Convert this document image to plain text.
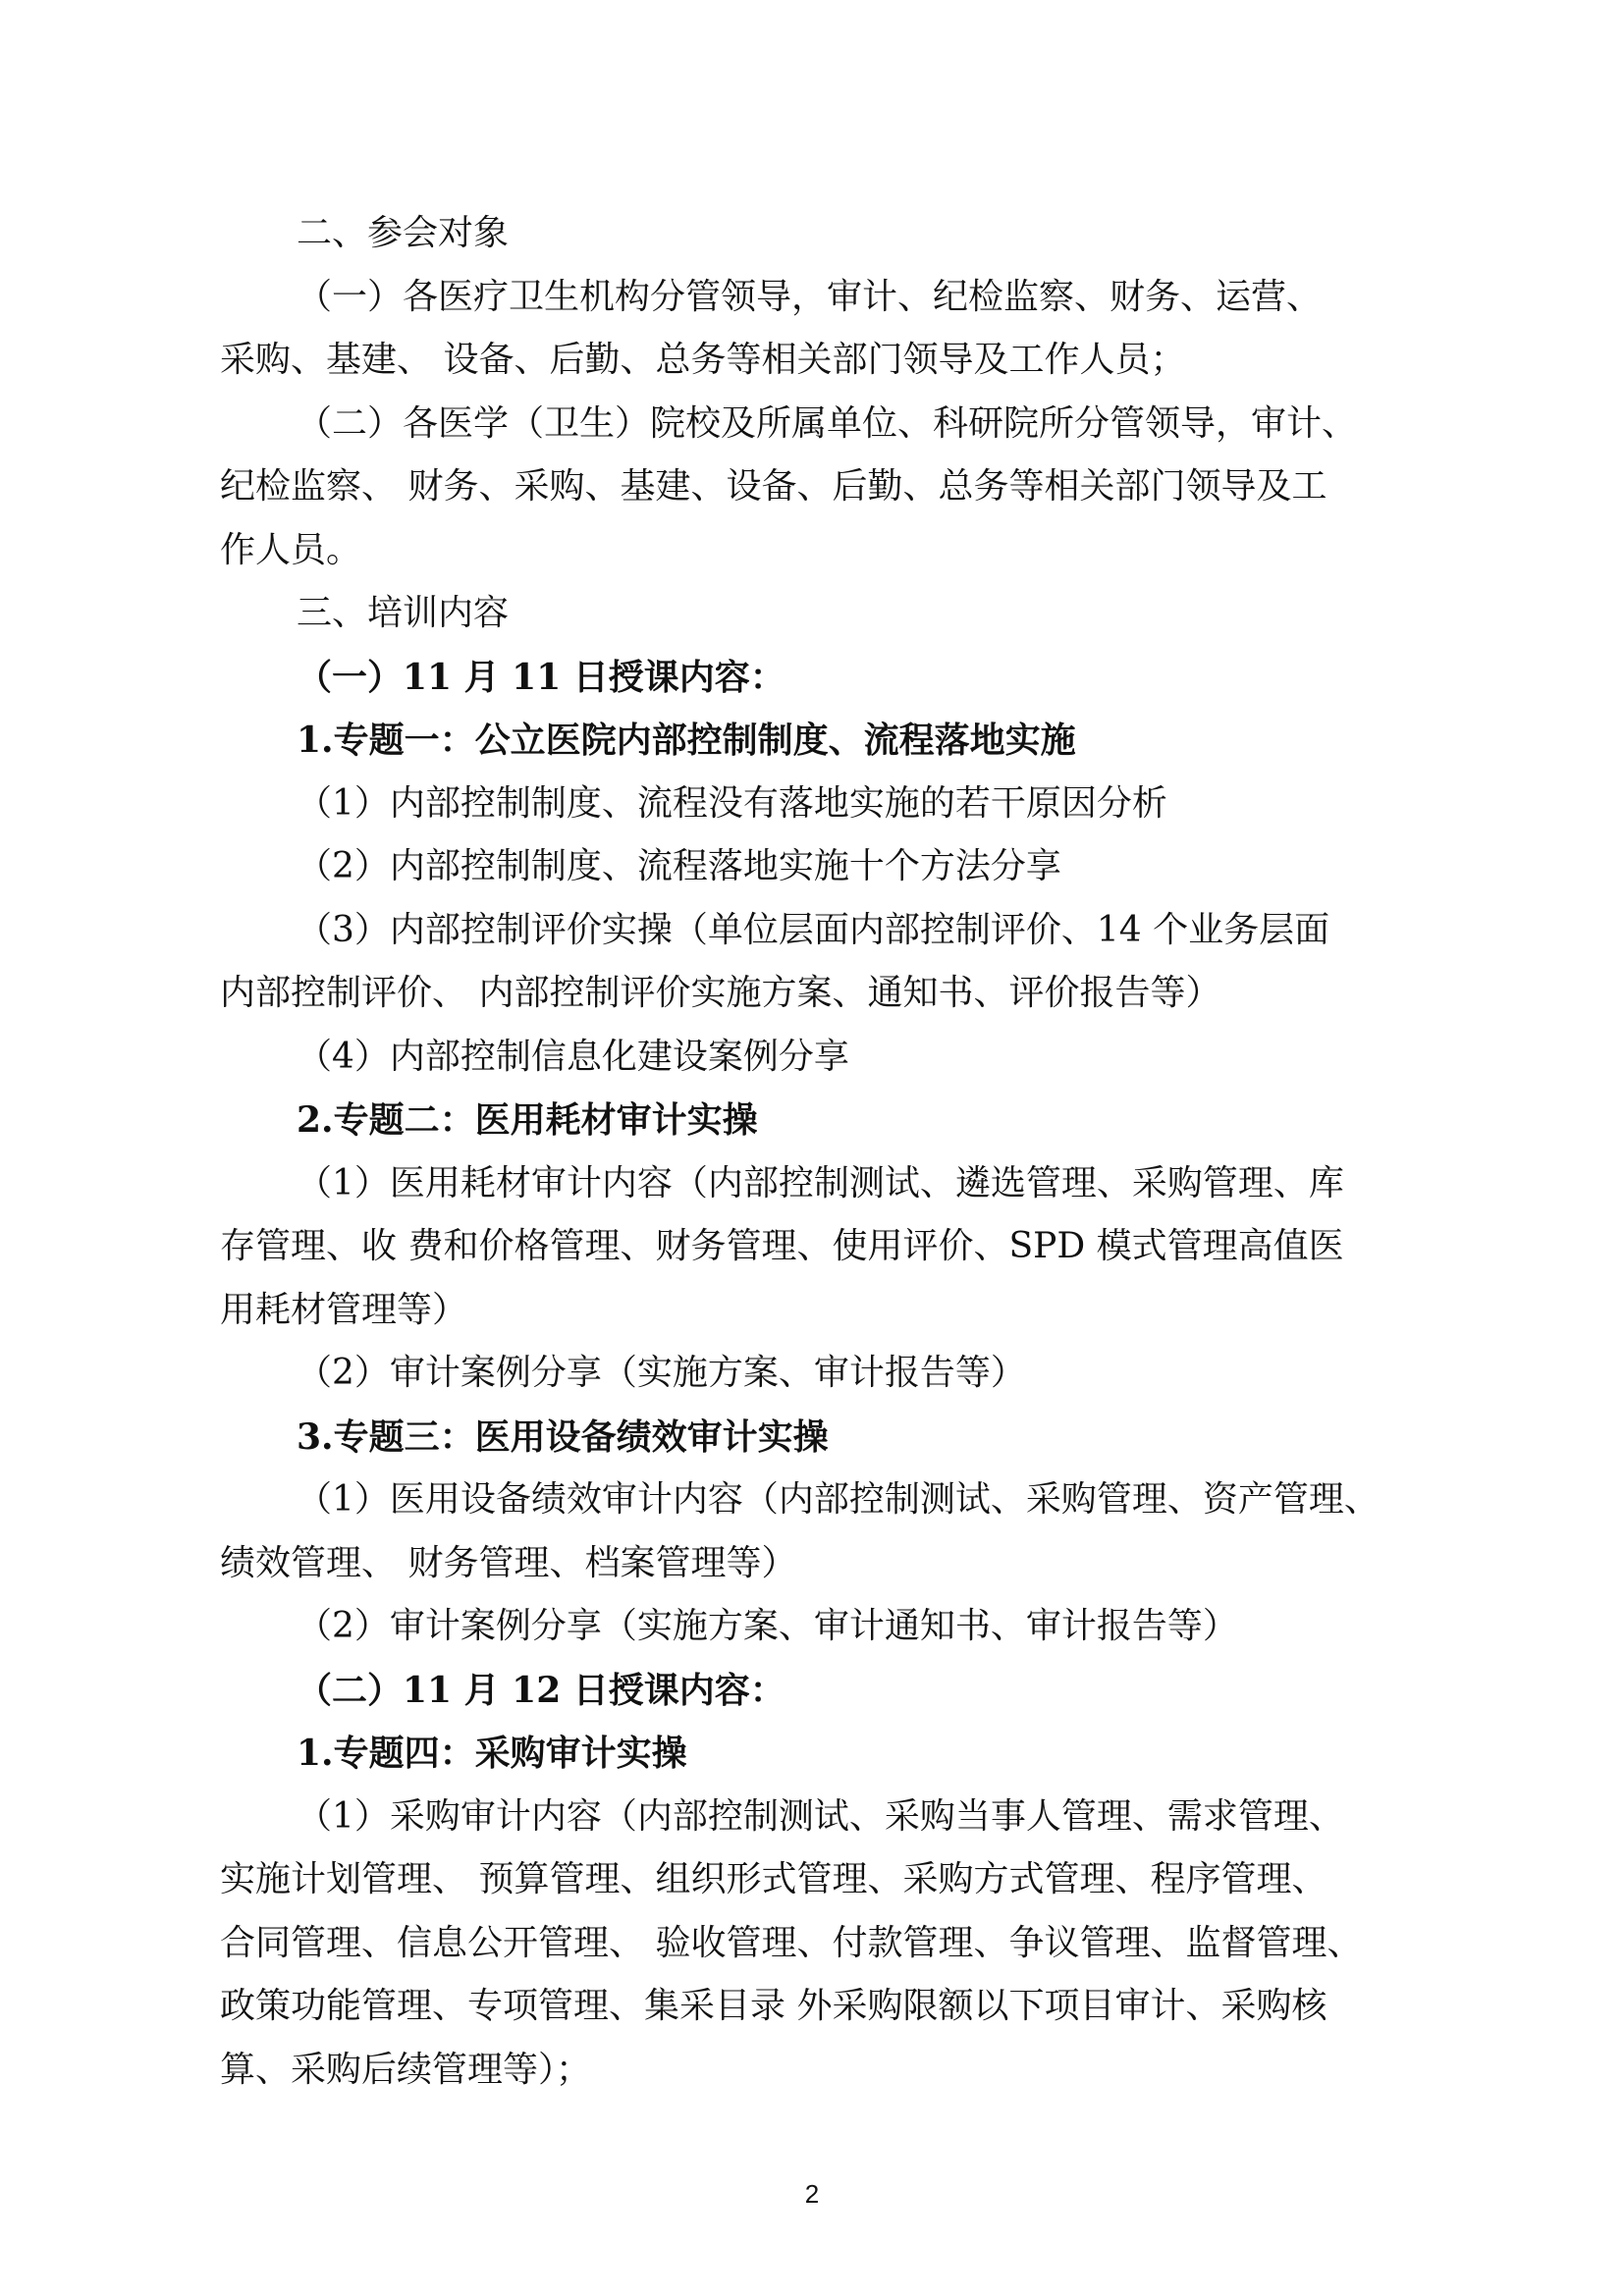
二、参会对象

（一）各医疗卫生机构分管领导，审计、纪检监察、财务、运营、

采购、基建、 设备、后勤、总务等相关部门领导及工作人员；

（二）各医学（卫生）院校及所属单位、科研院所分管领导，审计、

纪检监察、 财务、采购、基建、设备、后勤、总务等相关部门领导及工

作人员。

三、培训内容

（一）11 月 11 日授课内容：

1.专题一：公立医院内部控制制度、流程落地实施

（1）内部控制制度、流程没有落地实施的若干原因分析

（2）内部控制制度、流程落地实施十个方法分享

（3）内部控制评价实操（单位层面内部控制评价、14 个业务层面

内部控制评价、 内部控制评价实施方案、通知书、评价报告等）

（4）内部控制信息化建设案例分享

2.专题二：医用耗材审计实操

（1）医用耗材审计内容（内部控制测试、遴选管理、采购管理、库

存管理、收 费和价格管理、财务管理、使用评价、SPD 模式管理高值医

用耗材管理等）

（2）审计案例分享（实施方案、审计报告等）

3.专题三：医用设备绩效审计实操

（1）医用设备绩效审计内容（内部控制测试、采购管理、资产管理、

绩效管理、 财务管理、档案管理等）

（2）审计案例分享（实施方案、审计通知书、审计报告等）

（二）11 月 12 日授课内容：

1.专题四：采购审计实操

（1）采购审计内容（内部控制测试、采购当事人管理、需求管理、

实施计划管理、 预算管理、组织形式管理、采购方式管理、程序管理、

合同管理、信息公开管理、 验收管理、付款管理、争议管理、监督管理、

政策功能管理、专项管理、集采目录 外采购限额以下项目审计、采购核

算、采购后续管理等）；

2
